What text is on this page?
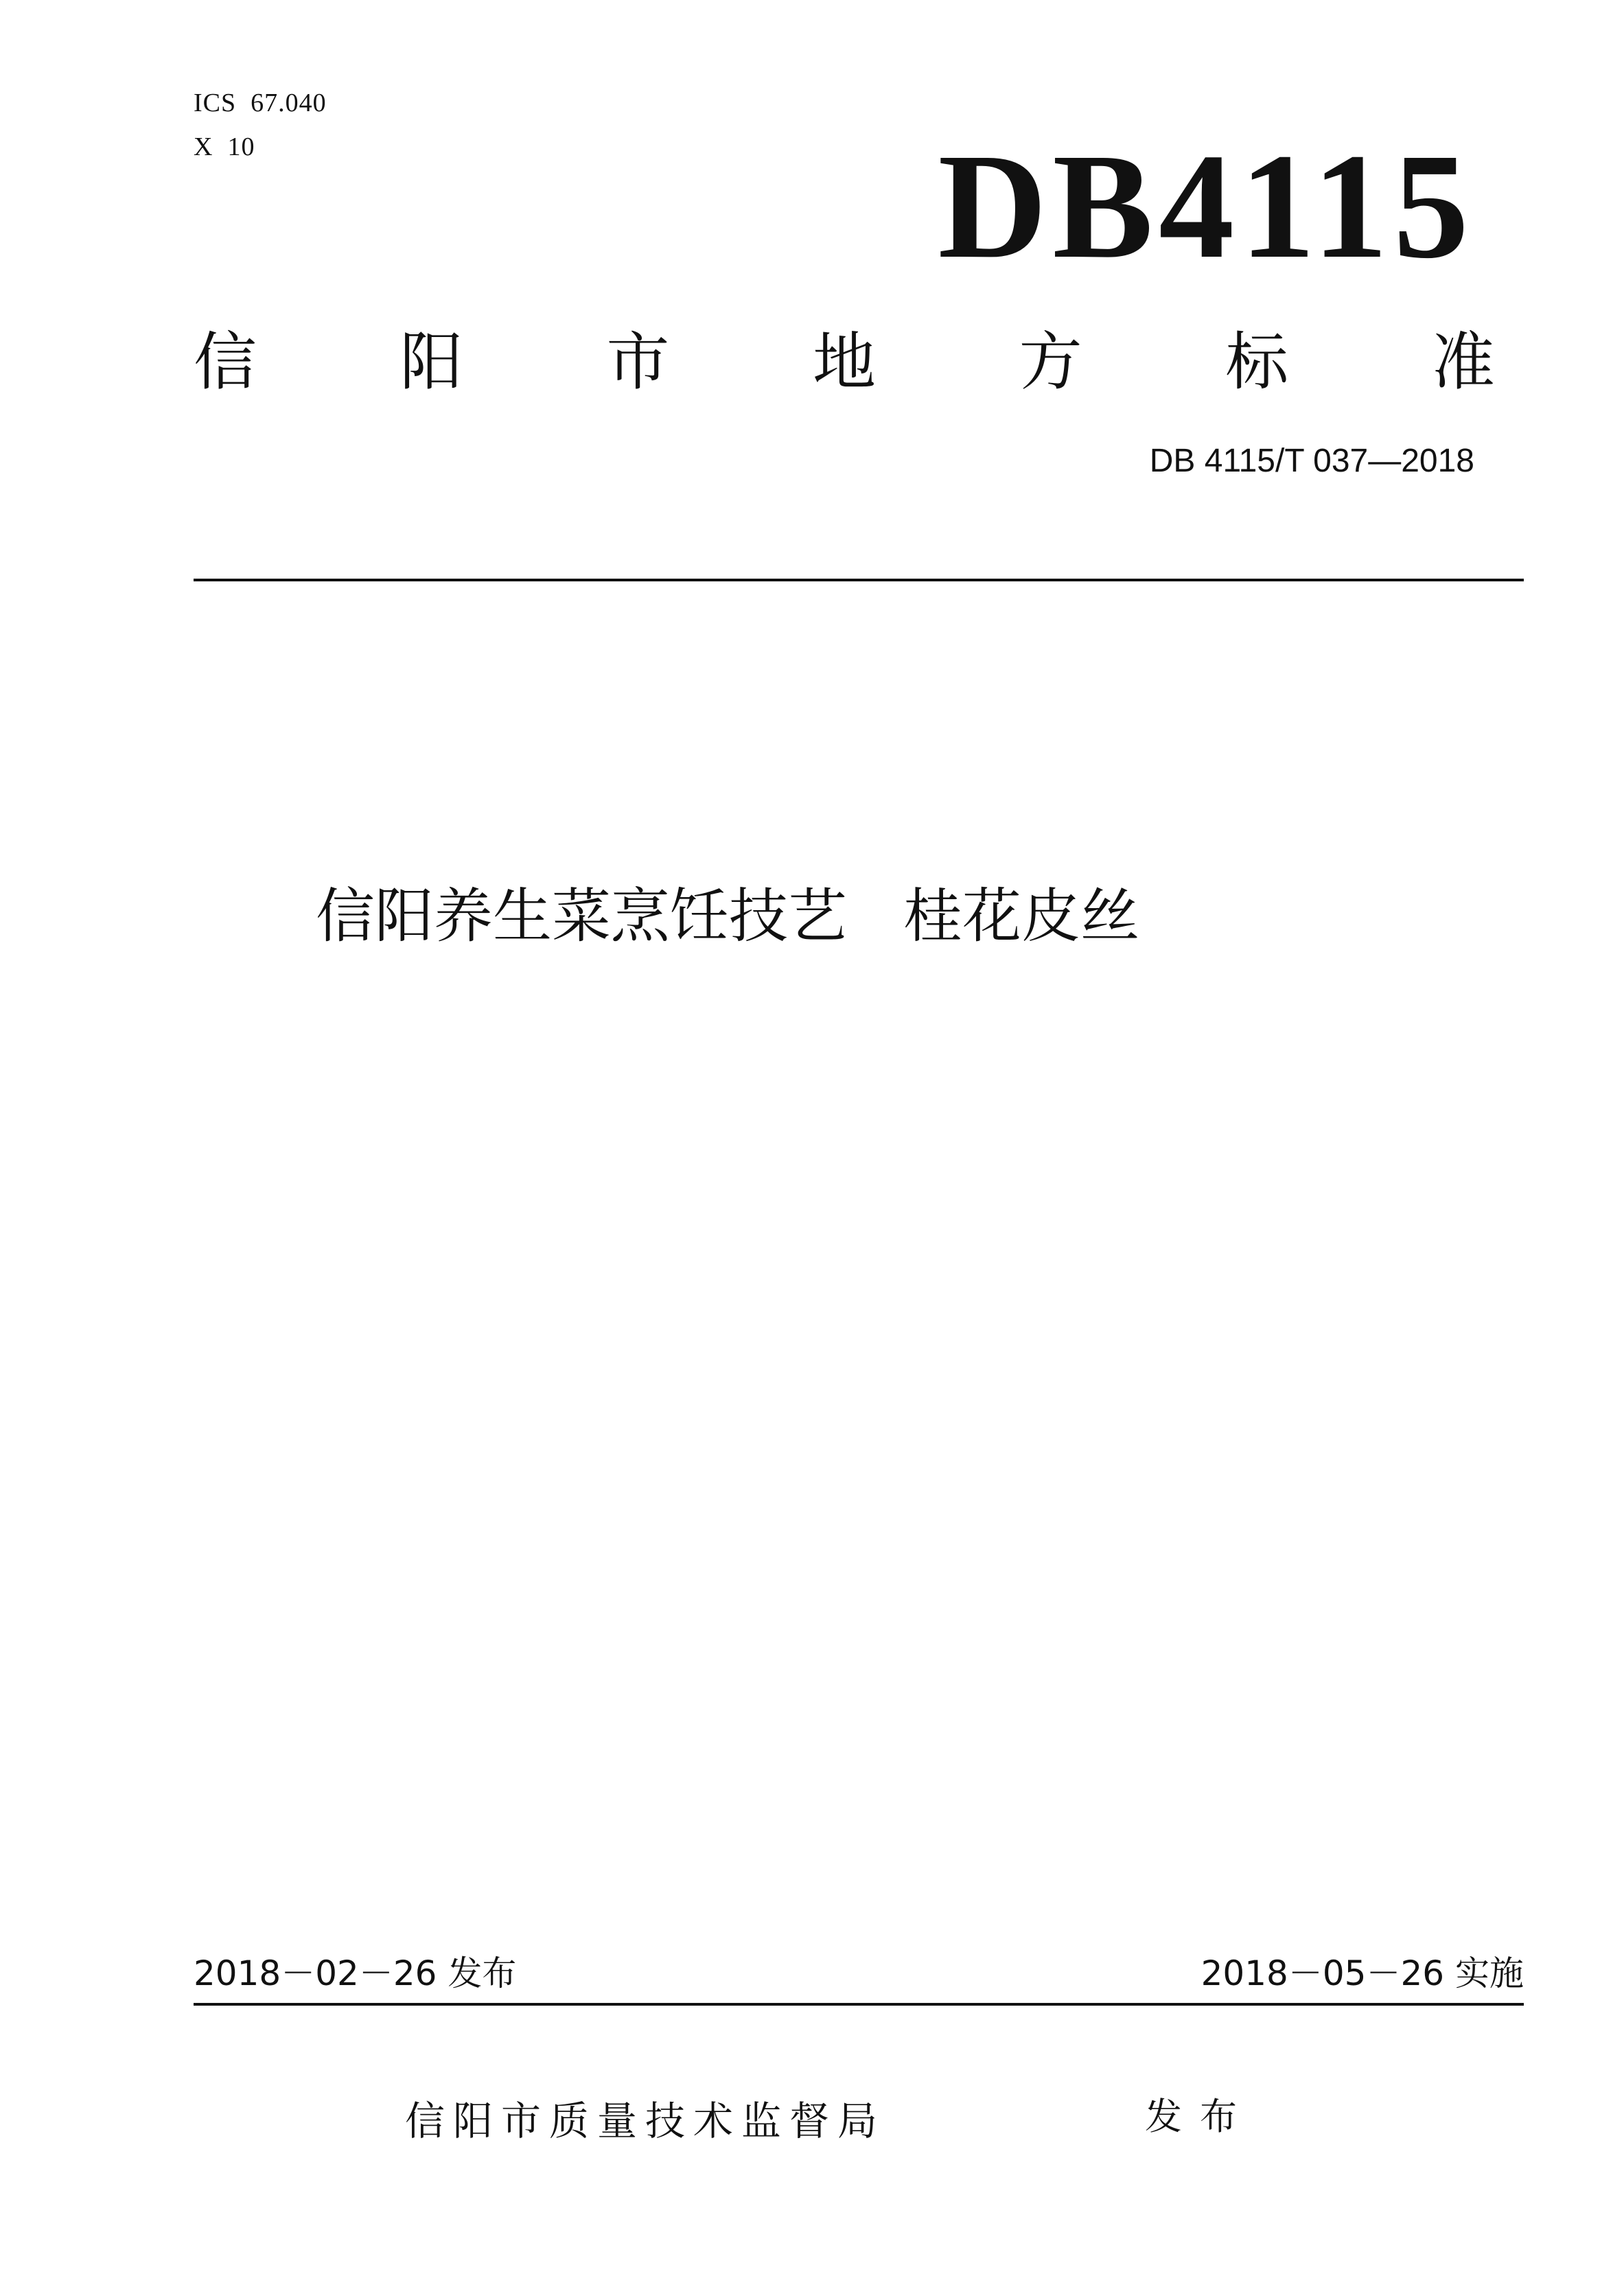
ICS  67.040
X  10	DB4115
信 阳 市 地 方 标 准
DB 4115/T 037—2018
信阳养生菜烹饪技艺   桂花皮丝
2018－02－26 发布	2018－05－26 实施
信阳市质量技术监督局	发布
